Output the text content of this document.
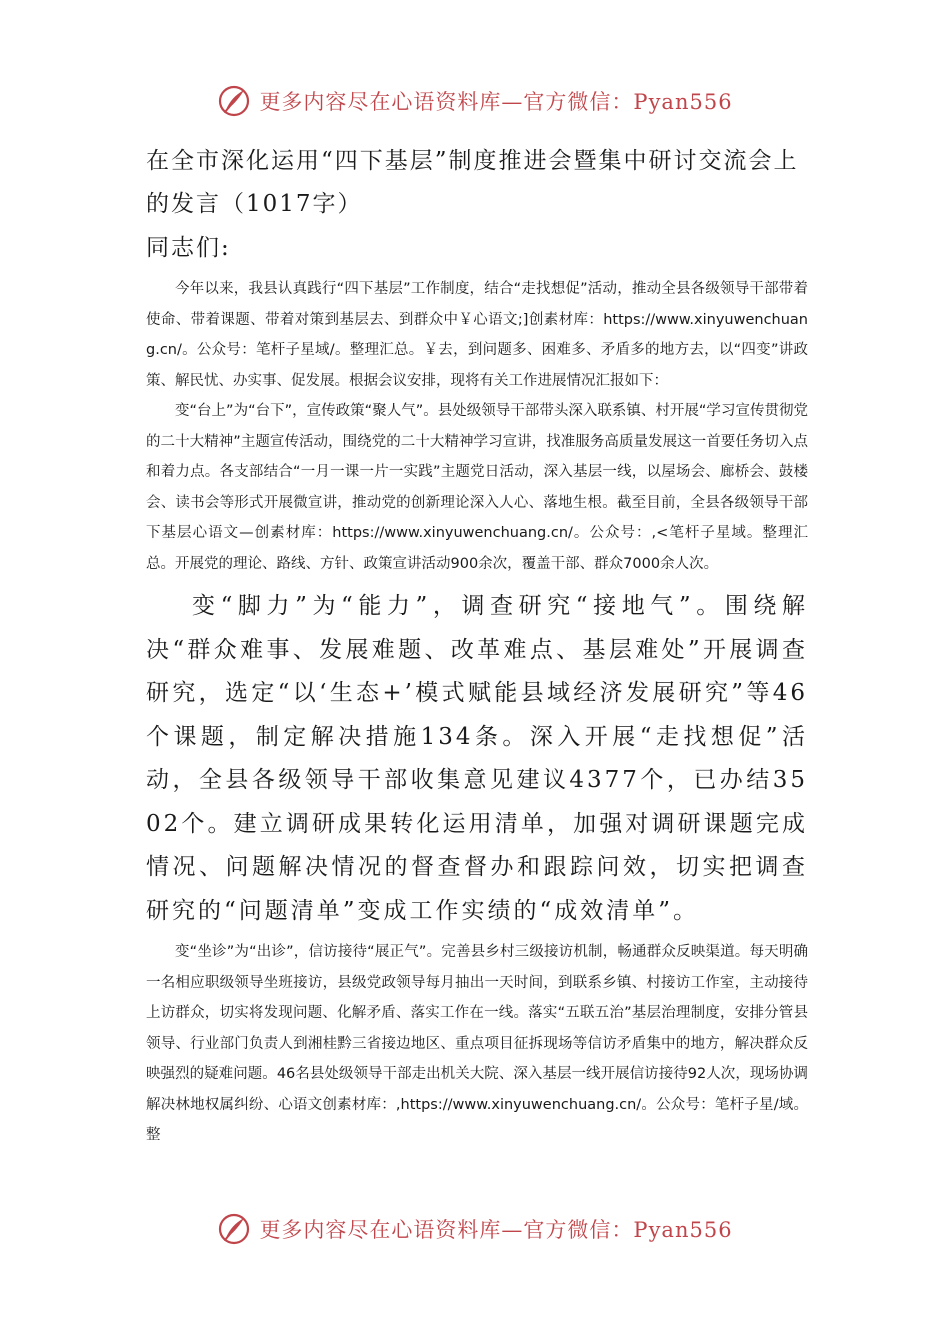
更多内容尽在心语资料库—官方微信：Pyan556
在全市深化运用“四下基层”制度推进会暨集中研讨交流会上的发言（1017字）

同志们:

今年以来，我县认真践行“四下基层”工作制度，结合“走找想促”活动，推动全县各级领导干部带着使命、带着课题、带着对策到基层去、到群众中￥心语文;]创素材库：https://www.xinyuwenchuang.cn/。公众号：笔杆子星域/。整理汇总。￥去，到问题多、困难多、矛盾多的地方去，以“四变”讲政策、解民忧、办实事、促发展。根据会议安排，现将有关工作进展情况汇报如下：

变“台上”为“台下”，宣传政策“聚人气”。县处级领导干部带头深入联系镇、村开展“学习宣传贯彻党的二十大精神”主题宣传活动，围绕党的二十大精神学习宣讲，找准服务高质量发展这一首要任务切入点和着力点。各支部结合“一月一课一片一实践”主题党日活动，深入基层一线，以屋场会、廊桥会、鼓楼会、读书会等形式开展微宣讲，推动党的创新理论深入人心、落地生根。截至目前，全县各级领导干部下基层心语文—创素材库：https://www.xinyuwenchuang.cn/。公众号：,<笔杆子星域。整理汇总。开展党的理论、路线、方针、政策宣讲活动900余次，覆盖干部、群众7000余人次。

变“脚力”为“能力”，调查研究“接地气”。围绕解决“群众难事、发展难题、改革难点、基层难处”开展调查研究，选定“以‘生态+’模式赋能县域经济发展研究”等46个课题，制定解决措施134条。深入开展“走找想促”活动，全县各级领导干部收集意见建议4377个，已办结3502个。建立调研成果转化运用清单，加强对调研课题完成情况、问题解决情况的督查督办和跟踪问效，切实把调查研究的“问题清单”变成工作实绩的“成效清单”。

变“坐诊”为“出诊”，信访接待“展正气”。完善县乡村三级接访机制，畅通群众反映渠道。每天明确一名相应职级领导坐班接访，县级党政领导每月抽出一天时间，到联系乡镇、村接访工作室，主动接待上访群众，切实将发现问题、化解矛盾、落实工作在一线。落实“五联五治”基层治理制度，安排分管县领导、行业部门负责人到湘桂黔三省接边地区、重点项目征拆现场等信访矛盾集中的地方，解决群众反映强烈的疑难问题。46名县处级领导干部走出机关大院、深入基层一线开展信访接待92人次，现场协调解决林地权属纠纷、心语文创素材库：,https://www.xinyuwenchuang.cn/。公众号：笔杆子星/域。整

更多内容尽在心语资料库—官方微信：Pyan556
